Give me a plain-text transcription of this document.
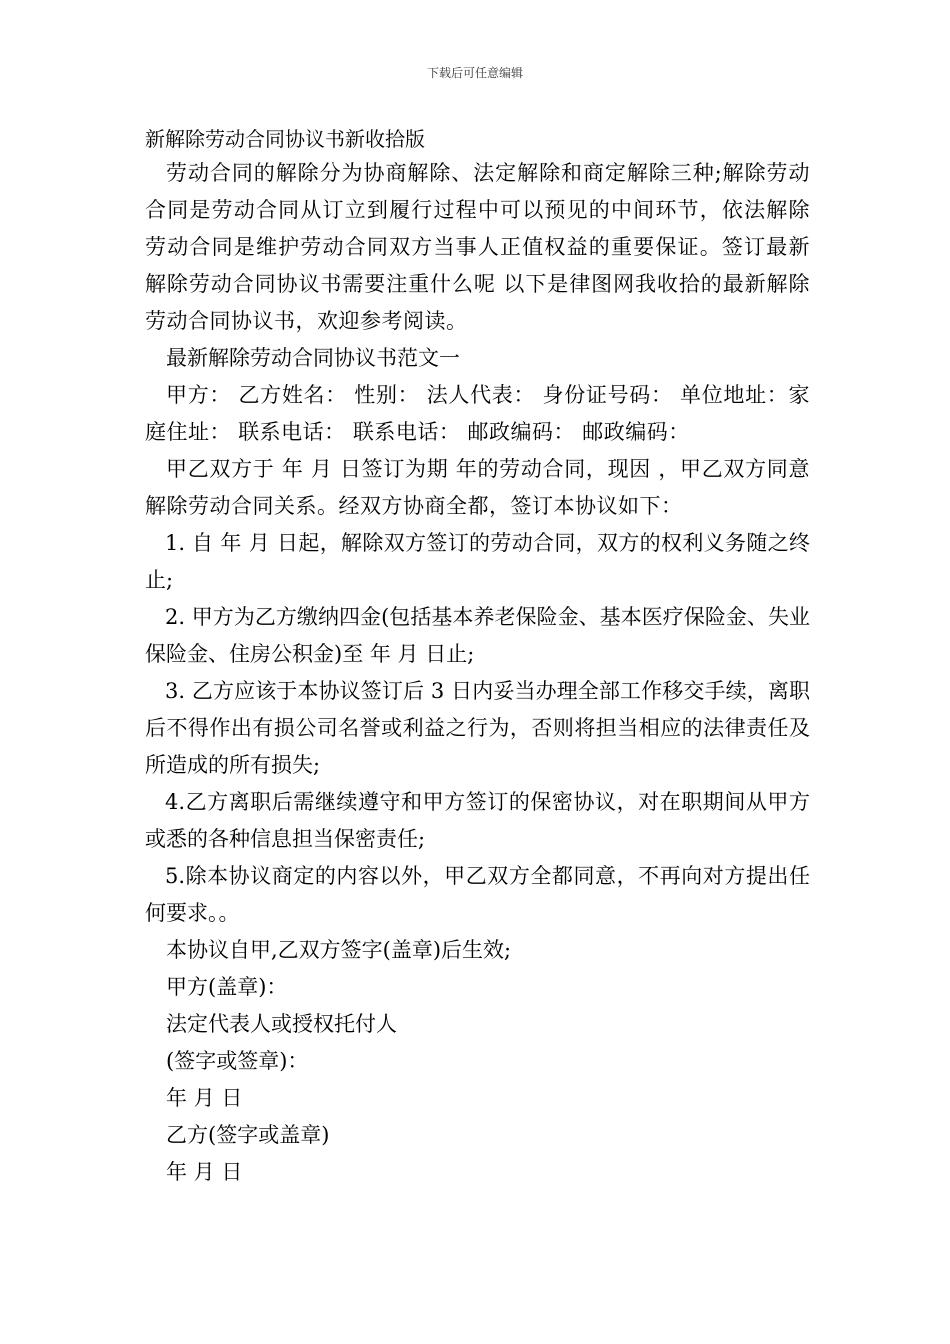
下载后可任意编辑

新解除劳动合同协议书新收拾版

劳动合同的解除分为协商解除、法定解除和商定解除三种;解除劳动合同是劳动合同从订立到履行过程中可以预见的中间环节，依法解除劳动合同是维护劳动合同双方当事人正值权益的重要保证。签订最新解除劳动合同协议书需要注重什么呢 以下是律图网我收拾的最新解除劳动合同协议书，欢迎参考阅读。

最新解除劳动合同协议书范文一

甲方： 乙方姓名： 性别： 法人代表： 身份证号码： 单位地址：家庭住址： 联系电话： 联系电话： 邮政编码： 邮政编码：

甲乙双方于 年 月 日签订为期 年的劳动合同，现因 ，甲乙双方同意解除劳动合同关系。经双方协商全都，签订本协议如下：

1. 自 年 月 日起，解除双方签订的劳动合同，双方的权利义务随之终止;

2. 甲方为乙方缴纳四金(包括基本养老保险金、基本医疗保险金、失业保险金、住房公积金)至 年 月 日止;

3. 乙方应该于本协议签订后 3 日内妥当办理全部工作移交手续，离职后不得作出有损公司名誉或利益之行为，否则将担当相应的法律责任及所造成的所有损失;

4.乙方离职后需继续遵守和甲方签订的保密协议，对在职期间从甲方或悉的各种信息担当保密责任;

5.除本协议商定的内容以外，甲乙双方全都同意，不再向对方提出任何要求。。

本协议自甲,乙双方签字(盖章)后生效;

甲方(盖章)：

法定代表人或授权托付人

(签字或签章)：

年 月 日

乙方(签字或盖章)

年 月 日
